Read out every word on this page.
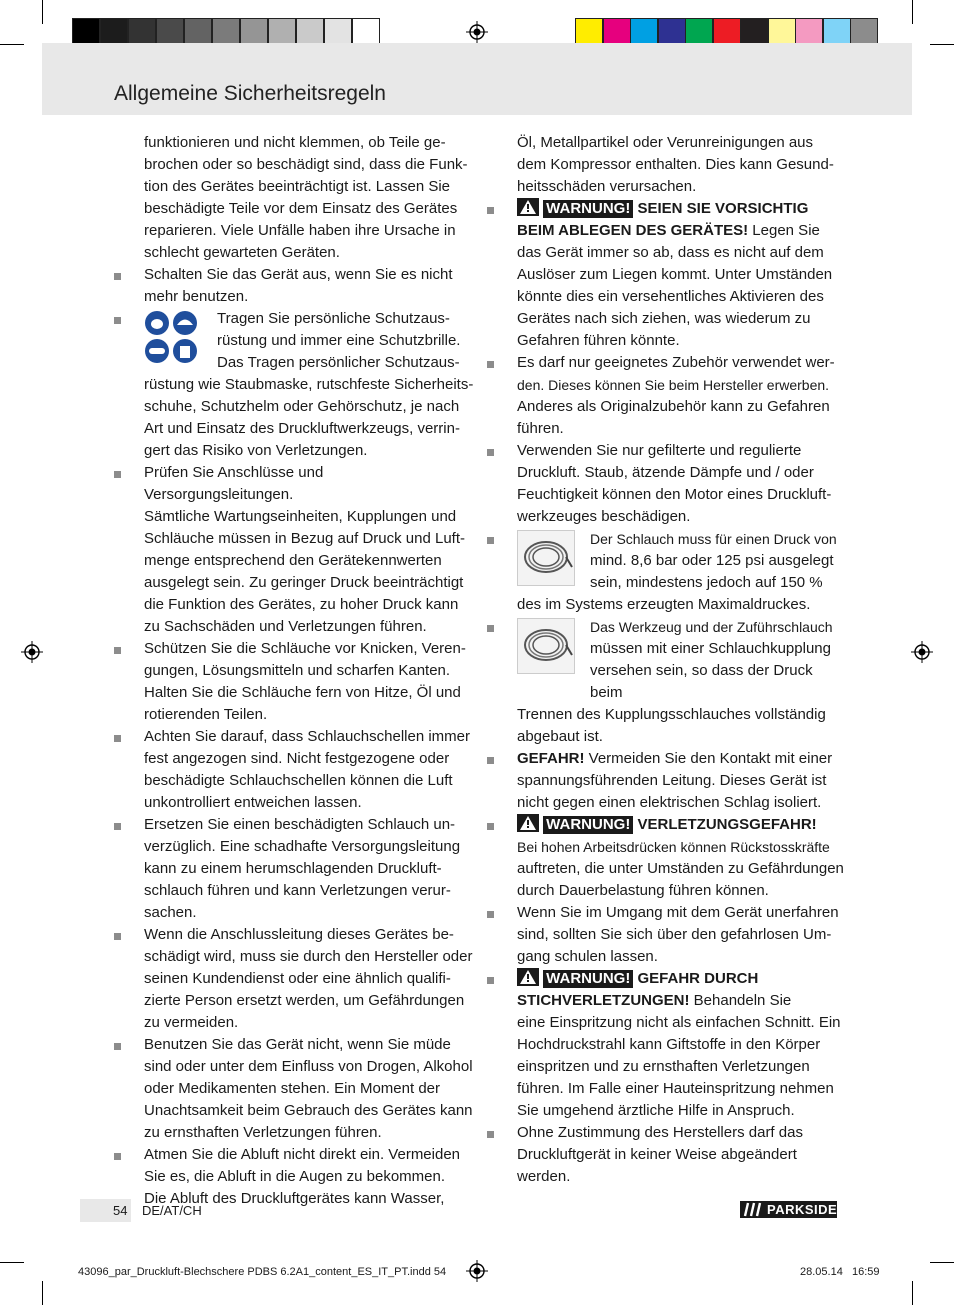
Allgemeine Sicherheitsregeln

funktionieren und nicht klemmen, ob Teile ge-

brochen oder so beschädigt sind, dass die Funk-

tion des Gerätes beeinträchtigt ist. Lassen Sie

beschädigte Teile vor dem Einsatz des Gerätes

reparieren. Viele Unfälle haben ihre Ursache in

schlecht gewarteten Geräten.

Schalten Sie das Gerät aus, wenn Sie es nicht

mehr benutzen.

Tragen Sie persönliche Schutzaus-

rüstung und immer eine Schutzbrille.

Das Tragen persönlicher Schutzaus-

rüstung wie Staubmaske, rutschfeste Sicherheits-

schuhe, Schutzhelm oder Gehörschutz, je nach

Art und Einsatz des Druckluftwerkzeugs, verrin-

gert das Risiko von Verletzungen.

Prüfen Sie Anschlüsse und Versorgungsleitungen.

Sämtliche Wartungseinheiten, Kupplungen und

Schläuche müssen in Bezug auf Druck und Luft-

menge entsprechend den Gerätekennwerten

ausgelegt sein. Zu geringer Druck beeinträchtigt

die Funktion des Gerätes, zu hoher Druck kann

zu Sachschäden und Verletzungen führen.

Schützen Sie die Schläuche vor Knicken, Veren-

gungen, Lösungsmitteln und scharfen Kanten.

Halten Sie die Schläuche fern von Hitze, Öl und

rotierenden Teilen.

Achten Sie darauf, dass Schlauchschellen immer

fest angezogen sind. Nicht festgezogene oder

beschädigte Schlauchschellen können die Luft

unkontrolliert entweichen lassen.

Ersetzen Sie einen beschädigten Schlauch un-

verzüglich. Eine schadhafte Versorgungsleitung

kann zu einem herumschlagenden Druckluft-

schlauch führen und kann Verletzungen verur-

sachen.

Wenn die Anschlussleitung dieses Gerätes be-

schädigt wird, muss sie durch den Hersteller oder

seinen Kundendienst oder eine ähnlich qualifi-

zierte Person ersetzt werden, um Gefährdungen

zu vermeiden.

Benutzen Sie das Gerät nicht, wenn Sie müde

sind oder unter dem Einfluss von Drogen, Alkohol

oder Medikamenten stehen. Ein Moment der

Unachtsamkeit beim Gebrauch des Gerätes kann

zu ernsthaften Verletzungen führen.

Atmen Sie die Abluft nicht direkt ein. Vermeiden

Sie es, die Abluft in die Augen zu bekommen.

Die Abluft des Druckluftgerätes kann Wasser,

Öl, Metallpartikel oder Verunreinigungen aus

dem Kompressor enthalten. Dies kann Gesund-

heitsschäden verursachen.

WARNUNG! SEIEN SIE VORSICHTIG

BEIM ABLEGEN DES GERÄTES! Legen Sie

das Gerät immer so ab, dass es nicht auf dem

Auslöser zum Liegen kommt. Unter Umständen

könnte dies ein versehentliches Aktivieren des

Gerätes nach sich ziehen, was wiederum zu

Gefahren führen könnte.

Es darf nur geeignetes Zubehör verwendet wer-

den. Dieses können Sie beim Hersteller erwerben.

Anderes als Originalzubehör kann zu Gefahren

führen.

Verwenden Sie nur gefilterte und regulierte

Druckluft. Staub, ätzende Dämpfe und / oder

Feuchtigkeit können den Motor eines Druckluft-

werkzeuges beschädigen.

Der Schlauch muss für einen Druck von

mind. 8,6 bar oder 125 psi ausgelegt

sein, mindestens jedoch auf 150 %

des im Systems erzeugten Maximaldruckes.

Das Werkzeug und der Zuführschlauch

müssen mit einer Schlauchkupplung

versehen sein, so dass der Druck beim

Trennen des Kupplungsschlauches vollständig

abgebaut ist.

GEFAHR! Vermeiden Sie den Kontakt mit einer

spannungsführenden Leitung. Dieses Gerät ist

nicht gegen einen elektrischen Schlag isoliert.

WARNUNG! VERLETZUNGSGEFAHR!

Bei hohen Arbeitsdrücken können Rückstosskräfte

auftreten, die unter Umständen zu Gefährdungen

durch Dauerbelastung führen können.

Wenn Sie im Umgang mit dem Gerät unerfahren

sind, sollten Sie sich über den gefahrlosen Um-

gang schulen lassen.

WARNUNG! GEFAHR DURCH

STICHVERLETZUNGEN! Behandeln Sie

eine Einspritzung nicht als einfachen Schnitt. Ein

Hochdruckstrahl kann Giftstoffe in den Körper

einspritzen und zu ernsthaften Verletzungen

führen. Im Falle einer Hauteinspritzung nehmen

Sie umgehend ärztliche Hilfe in Anspruch.

Ohne Zustimmung des Herstellers darf das

Druckluftgerät in keiner Weise abgeändert

werden.

54 DE/AT/CH	PARKSIDE
43096_par_Druckluft-Blechschere PDBS 6.2A1_content_ES_IT_PT.indd 54	28.05.14 16:59
